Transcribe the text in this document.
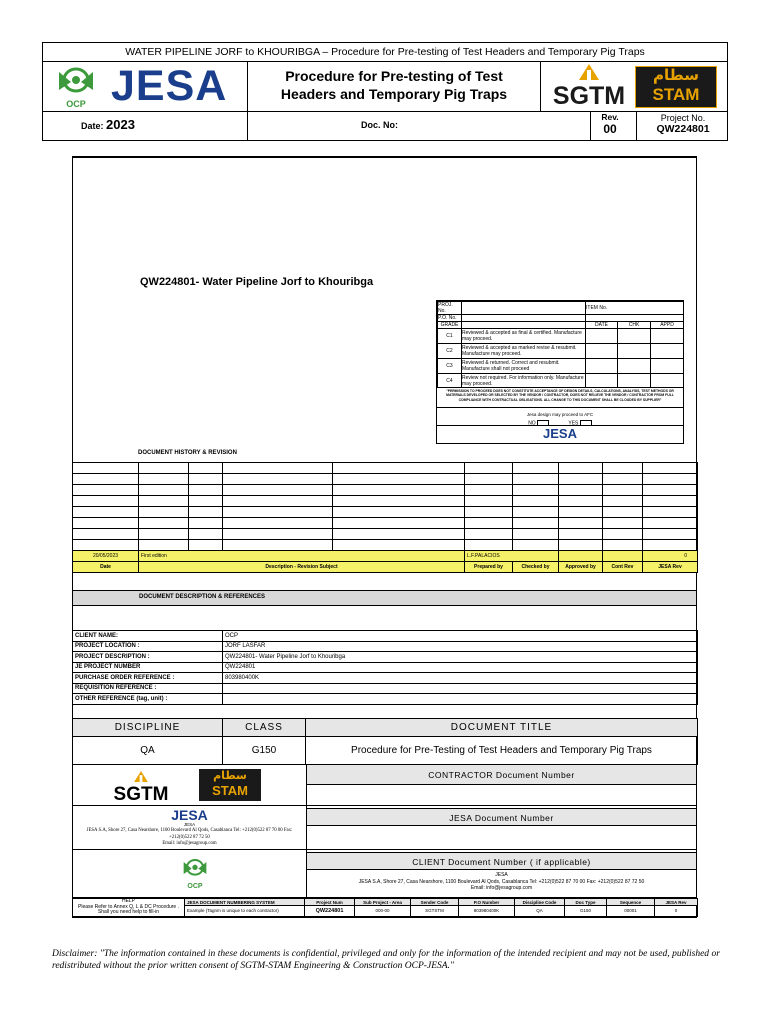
WATER PIPELINE JORF to KHOURIBGA – Procedure for Pre-testing of Test Headers and Temporary Pig Traps
OCP JESA	Procedure for Pre-testing of Test
Headers and Temporary Pig Traps	SGTM
سطام
STAM
Date: 2023	Doc. No:
Rev.
00
Project No.
QW224801
QW224801- Water Pipeline Jorf to Khouribga
PROJ. No.		ITEM No.		
P.O. No.				
GRADE		DATE	CHK	APPD
C1	Reviewed & accepted as final & certified. Manufacture may proceed.			
C2	Reviewed & accepted as marked revise & resubmit. Manufacture may proceed.			
C3	Reviewed & returned. Correct and resubmit. Manufacture shall not proceed			
C4	Review not required. For information only. Manufacture may proceed.			
"PERMISSION TO PROCEED DOES NOT CONSTITUTE ACCEPTANCE OF DESIGN DETAILS, CALCULATIONS, ANALYSIS, TEST METHODS OR MATERIALS DEVELOPED OR SELECTED BY THE VENDOR / CONTRACTOR, DOES NOT RELIEVE THE VENDOR / CONTRACTOR FROM FULL COMPLIANCE WITH CONTRACTUAL OBLIGATIONS. ALL CHANGE TO THIS DOCUMENT SHALL BE CLOUDED BY SUPPLIER"
Jesa design may proceed to AFC
NO	YES
JESA
DOCUMENT HISTORY & REVISION

20/05/2023	First edition				L.F.PALACIOS				0
Date	Description - Revision Subject				Prepared by	Checked by	Approved by	Cont Rev	JESA Rev
DOCUMENT DESCRIPTION & REFERENCES
CLIENT NAME:	OCP
PROJECT LOCATION :	JORF LASFAR
PROJECT DESCRIPTION :	QW224801- Water Pipeline Jorf to Khouribga
JE PROJECT NUMBER	QW224801
PURCHASE ORDER REFERENCE :	803980400K
REQUISITION REFERENCE :	
OTHER REFERENCE (tag, unit) :	
DISCIPLINE	CLASS	DOCUMENT TITLE
QA	G150	Procedure for Pre-Testing of Test Headers and Temporary Pig Traps
SGTM
سطام
STAM
CONTRACTOR Document Number
JESA
JESA
JESA S.A, Shore 27, Casa Nearshore, 1100 Boulevard Al Qods, Casablanca Tel: +212(0)522 87 70 00 Fax: +212(0)522 87 72 50
Email: info@jesagroup.com
JESA Document Number
OCP
CLIENT Document Number ( if applicable)
JESA
JESA S.A, Shore 27, Casa Nearshore, 1100 Boulevard Al Qods, Casablanca Tel: +212(0)522 87 70 00 Fax: +212(0)522 87 72 50
Email: info@jesagroup.com
HELP
Please Refer to Annex Q, L & DC Procedure . Shall you need help to fill-in	JESA DOCUMENT NUMBERING SYSTEM	Project Num	Sub Project - Area	Sender Code	P.O Number	Discipline Code	Doc Type	Sequence	JESA Rev
	Example (Tagnm is unique to each contractor)	QW224801	000-00	SGTSTM	803980400K	QA	G150	00001	0
Disclaimer: "The information contained in these documents is confidential, privileged and only for the information of the intended recipient and may not be used, published or redistributed without the prior written consent of SGTM-STAM Engineering & Construction OCP-JESA."
